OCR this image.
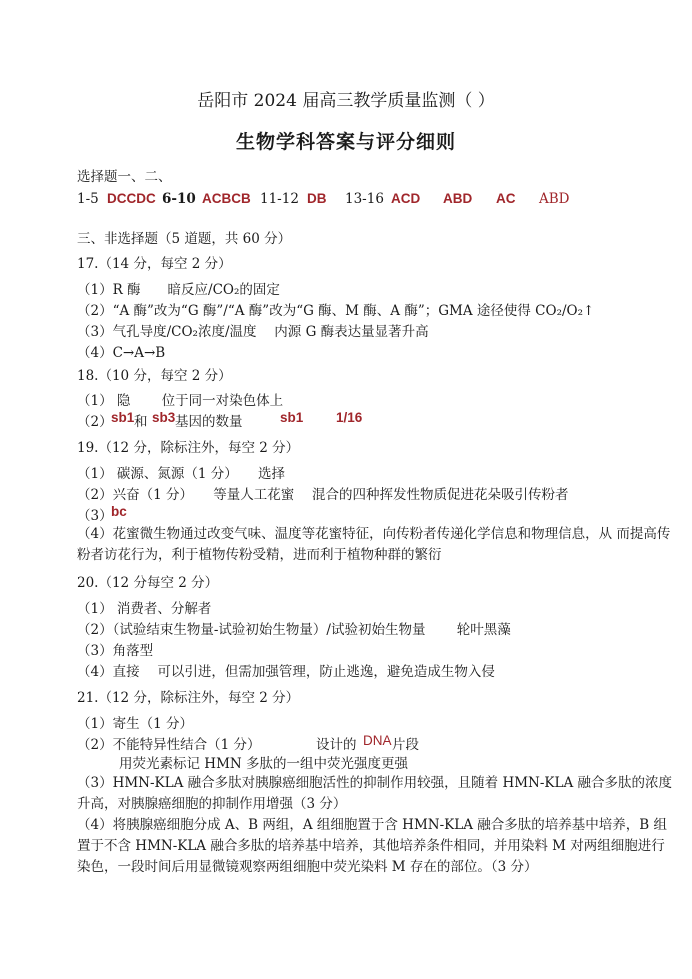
岳阳市 2024 届高三教学质量监测（ ）
生物学科答案与评分细则
选择题一、二、
1-5 DCCDC 6-10 ACBCB 11-12 DB 13-16 ACD ABD AC ABD
三、非选择题（5 道题，共 60 分）
17.（14 分，每空 2 分）
（1）R 酶　　暗反应/CO₂的固定
（2）“A 酶”改为“G 酶”/“A 酶”改为“G 酶、M 酶、A 酶”；GMA 途径使得 CO₂/O₂↑
（3）气孔导度/CO₂浓度/温度　 内源 G 酶表达量显著升高
（4）C→A→B
18.（10 分，每空 2 分）
（1） 隐　　 位于同一对染色体上
（2）
sb1 和 sb3 基因的数量	sb1 1/16
19.（12 分，除标注外，每空 2 分）
（1） 碳源、氮源（1 分）　　选择
（2）兴奋（1 分）　　等量人工花蜜　 混合的四种挥发性物质促进花朵吸引传粉者
（3）
bc
（4）花蜜微生物通过改变气味、温度等花蜜特征，向传粉者传递化学信息和物理信息，从 而提高传粉者访花行为，利于植物传粉受精，进而利于植物种群的繁衍
20.（12 分每空 2 分）
（1） 消费者、分解者
（2）（试验结束生物量-试验初始生物量）/试验初始生物量　　 轮叶黑藻
（3）角落型
（4）直接　 可以引进，但需加强管理，防止逃逸，避免造成生物入侵
21.（12 分，除标注外，每空 2 分）
（1）寄生（1 分）
（2）不能特异性结合（1 分）	设计的 DNA 片段
用荧光素标记 HMN 多肽的一组中荧光强度更强
（3）HMN-KLA 融合多肽对胰腺癌细胞活性的抑制作用较强，且随着 HMN-KLA 融合多肽的浓度升高，对胰腺癌细胞的抑制作用增强（3 分）
（4）将胰腺癌细胞分成 A、B 两组，A 组细胞置于含 HMN-KLA 融合多肽的培养基中培养，B 组置于不含 HMN-KLA 融合多肽的培养基中培养，其他培养条件相同，并用染料 M 对两组细胞进行染色，一段时间后用显微镜观察两组细胞中荧光染料 M 存在的部位。（3 分）
